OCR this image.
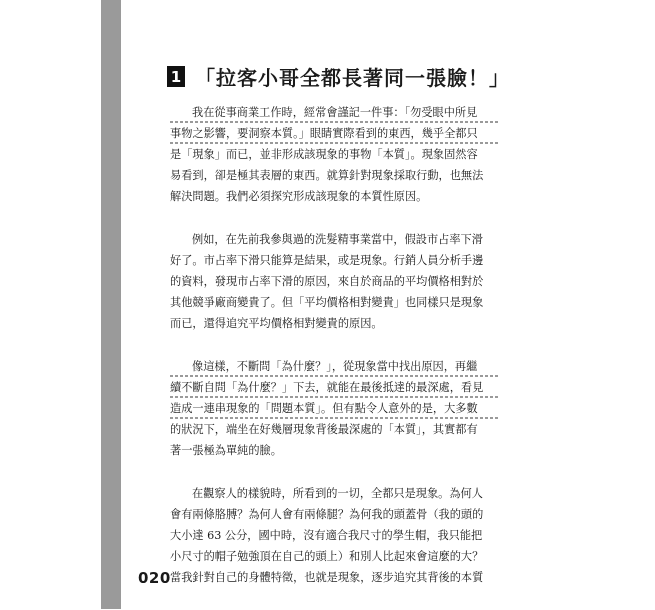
1 「拉客小哥全都長著同一張臉！」
我在從事商業工作時，經常會謹記一件事：「勿受眼中所見
事物之影響，要洞察本質。」眼睛實際看到的東西，幾乎全都只
是「現象」而已，並非形成該現象的事物「本質」。現象固然容
易看到，卻是極其表層的東西。就算針對現象採取行動，也無法
解決問題。我們必須探究形成該現象的本質性原因。
例如，在先前我參與過的洗髮精事業當中，假設市占率下滑
好了。市占率下滑只能算是結果，或是現象。行銷人員分析手邊
的資料，發現市占率下滑的原因，來自於商品的平均價格相對於
其他競爭廠商變貴了。但「平均價格相對變貴」也同樣只是現象
而已，還得追究平均價格相對變貴的原因。
像這樣，不斷問「為什麼？」，從現象當中找出原因，再繼
續不斷自問「為什麼？」下去，就能在最後抵達的最深處，看見
造成一連串現象的「問題本質」。但有點令人意外的是，大多數
的狀況下，端坐在好幾層現象背後最深處的「本質」，其實都有
著一張極為單純的臉。
在觀察人的樣貌時，所看到的一切，全都只是現象。為何人
會有兩條胳膊？為何人會有兩條腿？為何我的頭蓋骨（我的頭的
大小達 63 公分，國中時，沒有適合我尺寸的學生帽，我只能把
小尺寸的帽子勉強頂在自己的頭上）和別人比起來會這麼的大？
當我針對自己的身體特徵，也就是現象，逐步追究其背後的本質
020
